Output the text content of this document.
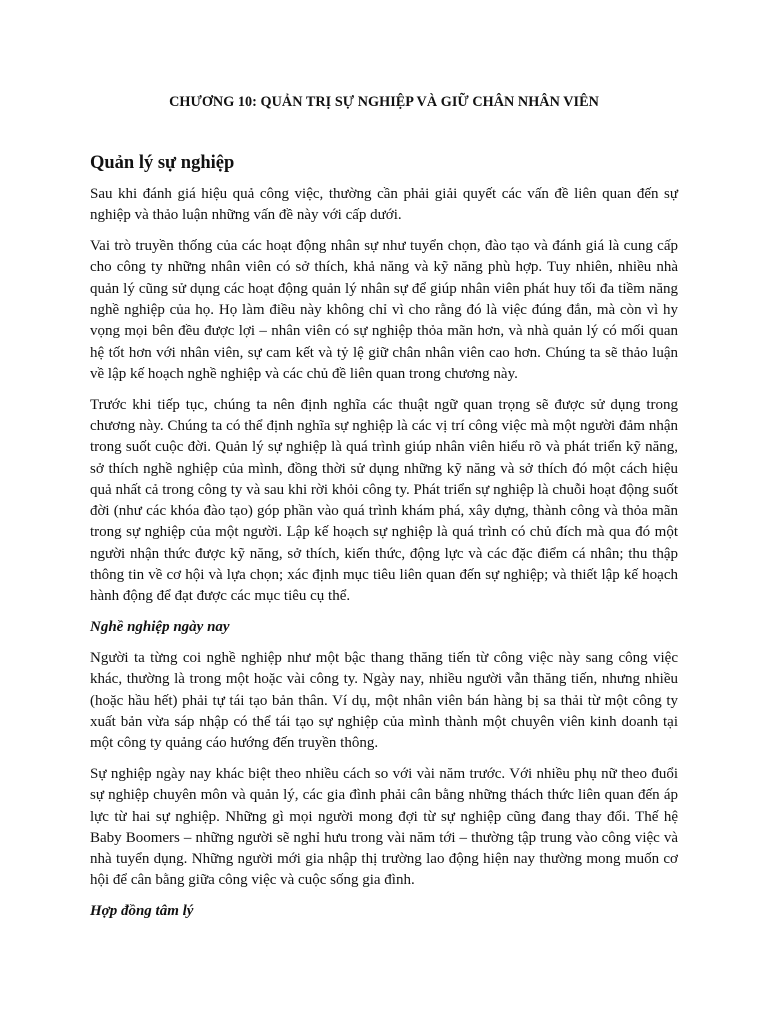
CHƯƠNG 10: QUẢN TRỊ SỰ NGHIỆP VÀ GIỮ CHÂN NHÂN VIÊN
Quản lý sự nghiệp

Sau khi đánh giá hiệu quả công việc, thường cần phải giải quyết các vấn đề liên quan đến sự nghiệp và thảo luận những vấn đề này với cấp dưới.

Vai trò truyền thống của các hoạt động nhân sự như tuyển chọn, đào tạo và đánh giá là cung cấp cho công ty những nhân viên có sở thích, khả năng và kỹ năng phù hợp. Tuy nhiên, nhiều nhà quản lý cũng sử dụng các hoạt động quản lý nhân sự để giúp nhân viên phát huy tối đa tiềm năng nghề nghiệp của họ. Họ làm điều này không chỉ vì cho rằng đó là việc đúng đắn, mà còn vì hy vọng mọi bên đều được lợi – nhân viên có sự nghiệp thỏa mãn hơn, và nhà quản lý có mối quan hệ tốt hơn với nhân viên, sự cam kết và tỷ lệ giữ chân nhân viên cao hơn. Chúng ta sẽ thảo luận về lập kế hoạch nghề nghiệp và các chủ đề liên quan trong chương này.

Trước khi tiếp tục, chúng ta nên định nghĩa các thuật ngữ quan trọng sẽ được sử dụng trong chương này. Chúng ta có thể định nghĩa sự nghiệp là các vị trí công việc mà một người đảm nhận trong suốt cuộc đời. Quản lý sự nghiệp là quá trình giúp nhân viên hiểu rõ và phát triển kỹ năng, sở thích nghề nghiệp của mình, đồng thời sử dụng những kỹ năng và sở thích đó một cách hiệu quả nhất cả trong công ty và sau khi rời khỏi công ty. Phát triển sự nghiệp là chuỗi hoạt động suốt đời (như các khóa đào tạo) góp phần vào quá trình khám phá, xây dựng, thành công và thỏa mãn trong sự nghiệp của một người. Lập kế hoạch sự nghiệp là quá trình có chủ đích mà qua đó một người nhận thức được kỹ năng, sở thích, kiến thức, động lực và các đặc điểm cá nhân; thu thập thông tin về cơ hội và lựa chọn; xác định mục tiêu liên quan đến sự nghiệp; và thiết lập kế hoạch hành động để đạt được các mục tiêu cụ thể.

Nghề nghiệp ngày nay

Người ta từng coi nghề nghiệp như một bậc thang thăng tiến từ công việc này sang công việc khác, thường là trong một hoặc vài công ty. Ngày nay, nhiều người vẫn thăng tiến, nhưng nhiều (hoặc hầu hết) phải tự tái tạo bản thân. Ví dụ, một nhân viên bán hàng bị sa thải từ một công ty xuất bản vừa sáp nhập có thể tái tạo sự nghiệp của mình thành một chuyên viên kinh doanh tại một công ty quảng cáo hướng đến truyền thông.

Sự nghiệp ngày nay khác biệt theo nhiều cách so với vài năm trước. Với nhiều phụ nữ theo đuổi sự nghiệp chuyên môn và quản lý, các gia đình phải cân bằng những thách thức liên quan đến áp lực từ hai sự nghiệp. Những gì mọi người mong đợi từ sự nghiệp cũng đang thay đổi. Thế hệ Baby Boomers – những người sẽ nghỉ hưu trong vài năm tới – thường tập trung vào công việc và nhà tuyển dụng. Những người mới gia nhập thị trường lao động hiện nay thường mong muốn cơ hội để cân bằng giữa công việc và cuộc sống gia đình.

Hợp đồng tâm lý
